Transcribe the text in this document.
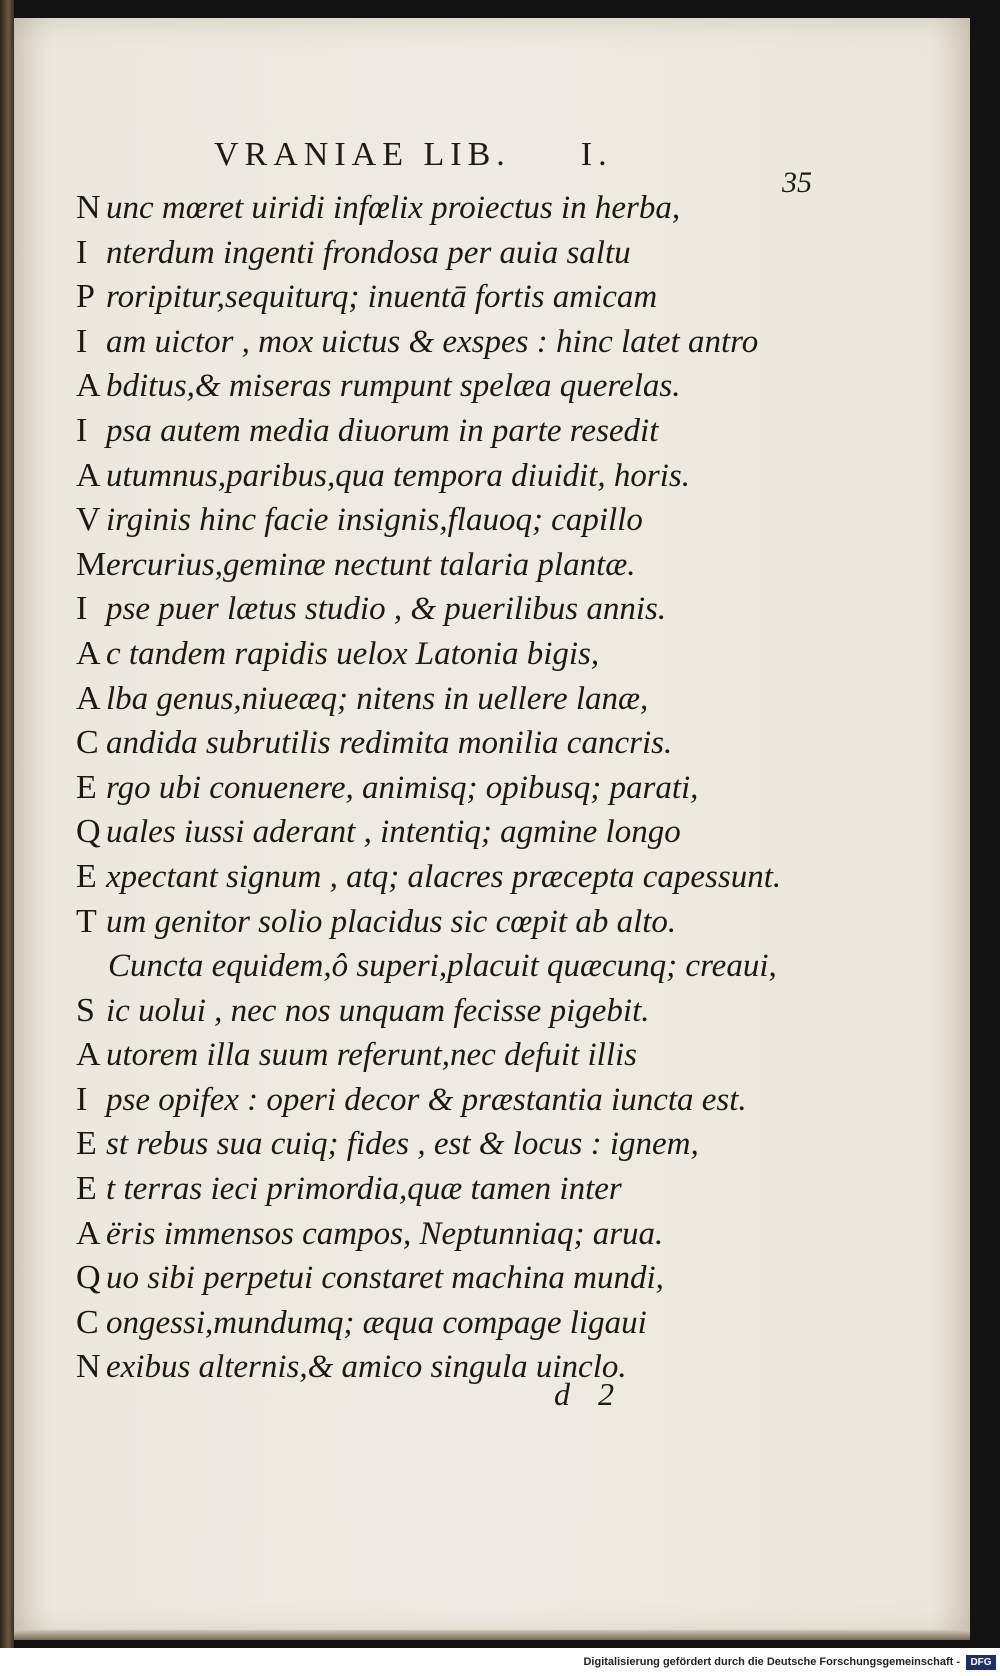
VRANIAE LIB. I.
35
N unc mœret uiridi infœlix proiectus in herba,
I nterdum ingenti frondosa per auia saltu
P roripitur,sequiturq; inuentā fortis amicam
I am uictor , mox uictus & exspes : hinc latet antro
A bditus,& miseras rumpunt spelæa querelas.
I psa autem media diuorum in parte resedit
A utumnus,paribus,qua tempora diuidit, horis.
V irginis hinc facie insignis,flauoq; capillo
Mercurius,geminæ nectunt talaria plantæ.
I pse puer lætus studio , & puerilibus annis.
A c tandem rapidis uelox Latonia bigis,
A lba genus,niueæq; nitens in uellere lanæ,
C andida subrutilis redimita monilia cancris.
E rgo ubi conuenere, animisq; opibusq; parati,
Q uales iussi aderant , intentiq; agmine longo
E xpectant signum , atq; alacres præcepta capessunt.
T um genitor solio placidus sic cœpit ab alto.
Cuncta equidem,ô superi,placuit quæcunq; creaui,
S ic uolui , nec nos unquam fecisse pigebit.
A utorem illa suum referunt,nec defuit illis
I pse opifex : operi decor & præstantia iuncta est.
E st rebus sua cuiq; fides , est & locus : ignem,
E t terras ieci primordia,quæ tamen inter
A ëris immensos campos, Neptunniaq; arua.
Q uo sibi perpetui constaret machina mundi,
C ongessi,mundumq; æqua compage ligaui
N exibus alternis,& amico singula uinclo.
d 2
Digitalisierung gefördert durch die Deutsche Forschungsgemeinschaft -	DFG
